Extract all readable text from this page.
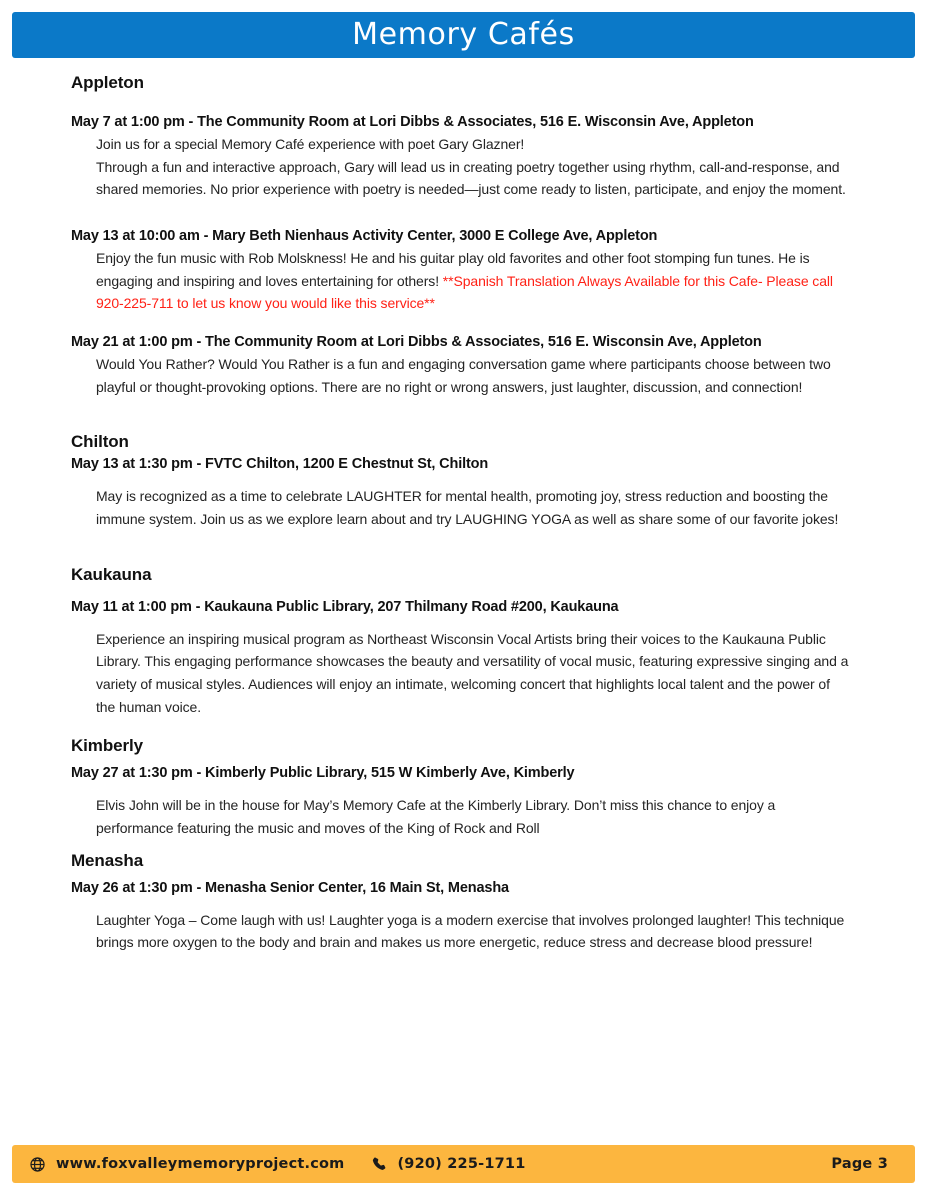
Memory Cafés
Appleton
May 7 at 1:00 pm - The Community Room at Lori Dibbs & Associates, 516 E. Wisconsin Ave, Appleton
Join us for a special Memory Café experience with poet Gary Glazner!
Through a fun and interactive approach, Gary will lead us in creating poetry together using rhythm, call-and-response, and shared memories. No prior experience with poetry is needed—just come ready to listen, participate, and enjoy the moment.
May 13 at 10:00 am - Mary Beth Nienhaus Activity Center, 3000 E College Ave, Appleton
Enjoy the fun music with Rob Molskness! He and his guitar play old favorites and other foot stomping fun tunes. He is engaging and inspiring and loves entertaining for others! **Spanish Translation Always Available for this Cafe- Please call 920-225-711 to let us know you would like this service**
May 21 at 1:00 pm - The Community Room at Lori Dibbs & Associates, 516 E. Wisconsin Ave, Appleton
Would You Rather? Would You Rather is a fun and engaging conversation game where participants choose between two playful or thought-provoking options. There are no right or wrong answers, just laughter, discussion, and connection!
Chilton
May 13 at 1:30 pm - FVTC Chilton, 1200 E Chestnut St, Chilton
May is recognized as a time to celebrate LAUGHTER for mental health, promoting joy, stress reduction and boosting the immune system. Join us as we explore learn about and try LAUGHING YOGA as well as share some of our favorite jokes!
Kaukauna
May 11 at 1:00 pm - Kaukauna Public Library, 207 Thilmany Road #200, Kaukauna
Experience an inspiring musical program as Northeast Wisconsin Vocal Artists bring their voices to the Kaukauna Public Library. This engaging performance showcases the beauty and versatility of vocal music, featuring expressive singing and a variety of musical styles. Audiences will enjoy an intimate, welcoming concert that highlights local talent and the power of the human voice.
Kimberly
May 27 at 1:30 pm - Kimberly Public Library, 515 W Kimberly Ave, Kimberly
Elvis John will be in the house for May’s Memory Cafe at the Kimberly Library. Don’t miss this chance to enjoy a performance featuring the music and moves of the King of Rock and Roll
Menasha
May 26 at 1:30 pm - Menasha Senior Center, 16 Main St, Menasha
Laughter Yoga – Come laugh with us! Laughter yoga is a modern exercise that involves prolonged laughter! This technique brings more oxygen to the body and brain and makes us more energetic, reduce stress and decrease blood pressure!
www.foxvalleymemoryproject.com	(920) 225-1711	Page 3
